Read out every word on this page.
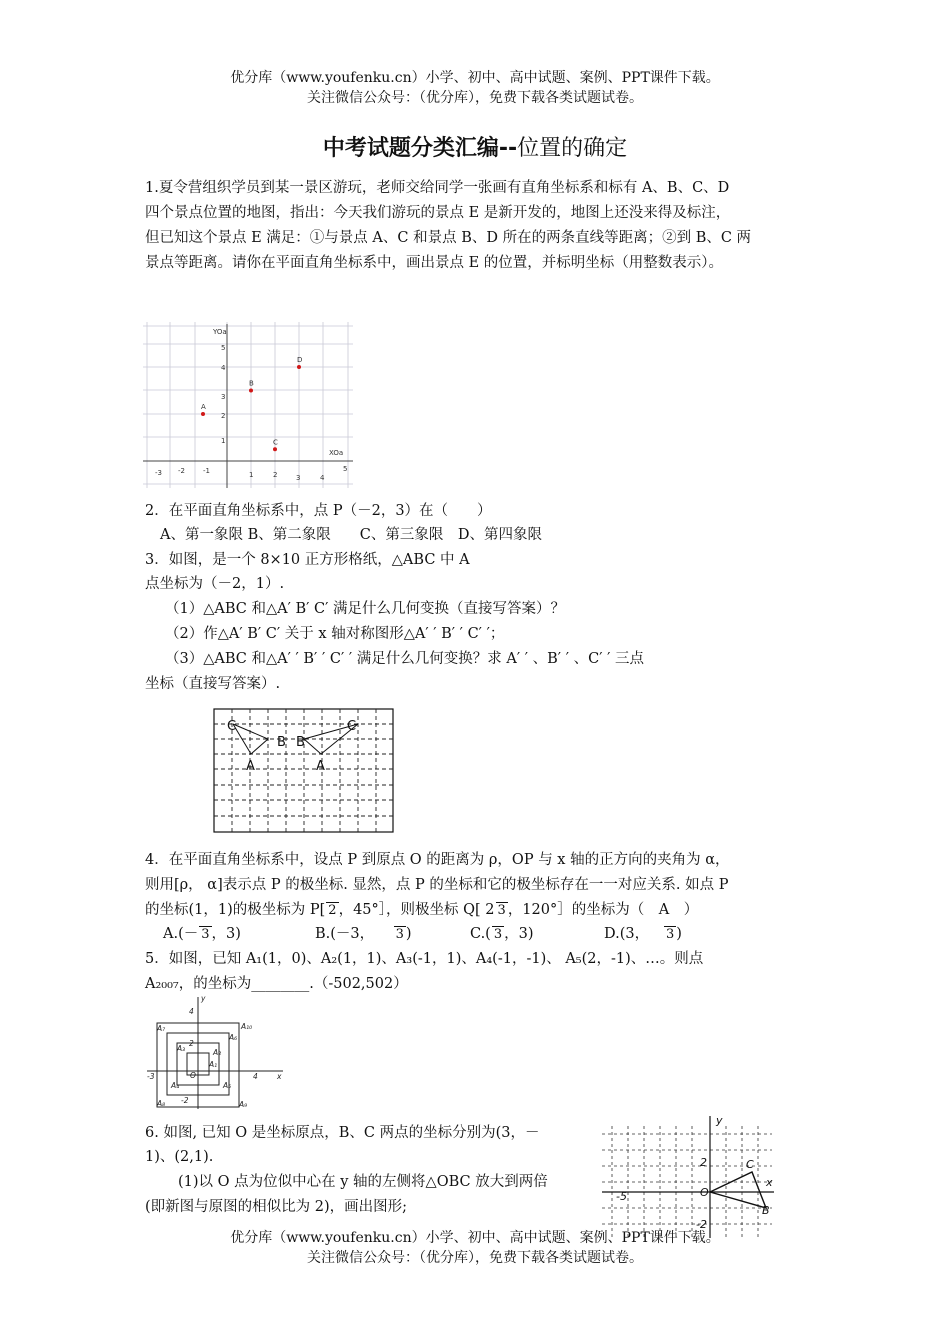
优分库（www.youfenku.cn）小学、初中、高中试题、案例、PPT课件下载。
关注微信公众号：（优分库），免费下载各类试题试卷。
中考试题分类汇编--位置的确定
1.夏令营组织学员到某一景区游玩，老师交给同学一张画有直角坐标系和标有 A、B、C、D
四个景点位置的地图，指出：今天我们游玩的景点 E 是新开发的，地图上还没来得及标注，
但已知这个景点 E 满足：①与景点 A、C 和景点 B、D 所在的两条直线等距离；②到 B、C 两
景点等距离。请你在平面直角坐标系中，画出景点 E 的位置，并标明坐标（用整数表示）。
YOa
XOa
-3 -2	-1	1	2	3	4
5
1
2
3
4
5
A
B
C
D
2．在平面直角坐标系中，点 P（－2，3）在（　　）
A、第一象限 B、第二象限　　C、第三象限　D、第四象限
3．如图，是一个 8×10 正方形格纸，△ABC 中 A
点坐标为（－2，1）.
（1）△ABC 和△A′ B′ C′ 满足什么几何变换（直接写答案）？
（2）作△A′ B′ C′ 关于 x 轴对称图形△A′ ′ B′ ′ C′ ′；
（3）△ABC 和△A′ ′ B′ ′ C′ ′ 满足什么几何变换？求 A′ ′ 、B′ ′ 、C′ ′ 三点
坐标（直接写答案）.
C
B
A
B
C
A
4．在平面直角坐标系中，设点 P 到原点 O 的距离为 ρ，OP 与 x 轴的正方向的夹角为 α，
则用[ρ， α]表示点 P 的极坐标. 显然，点 P 的坐标和它的极坐标存在一一对应关系. 如点 P
的坐标(1，1)的极坐标为 P[ 2 ，45°］，则极坐标 Q[ 2 3 ，120°］的坐标为（　A　）
A.(－ 3 ，3)	B.(－3， 3 )	C.( 3 ，3)	D.(3， 3 )
5．如图，已知 A₁(1，0)、A₂(1，1)、A₃(-1，1)、A₄(-1，-1)、 A₅(2，-1)、…。则点
A₂₀₀₇，的坐标为________.（-502,502）
y
x
4
2
-3	4
-2
A₇	A₁₀
A₆
A₃	A₂
A₁
O
A₄	A₅
A₈	A₉
6. 如图, 已知 O 是坐标原点，B、C 两点的坐标分别为(3，－
1)、(2,1).
(1)以 O 点为位似中心在 y 轴的左侧将△OBC 放大到两倍
(即新图与原图的相似比为 2)，画出图形;
y
x
2
-5
-2
O
C
B
优分库（www.youfenku.cn）小学、初中、高中试题、案例、PPT课件下载。
关注微信公众号：（优分库），免费下载各类试题试卷。
